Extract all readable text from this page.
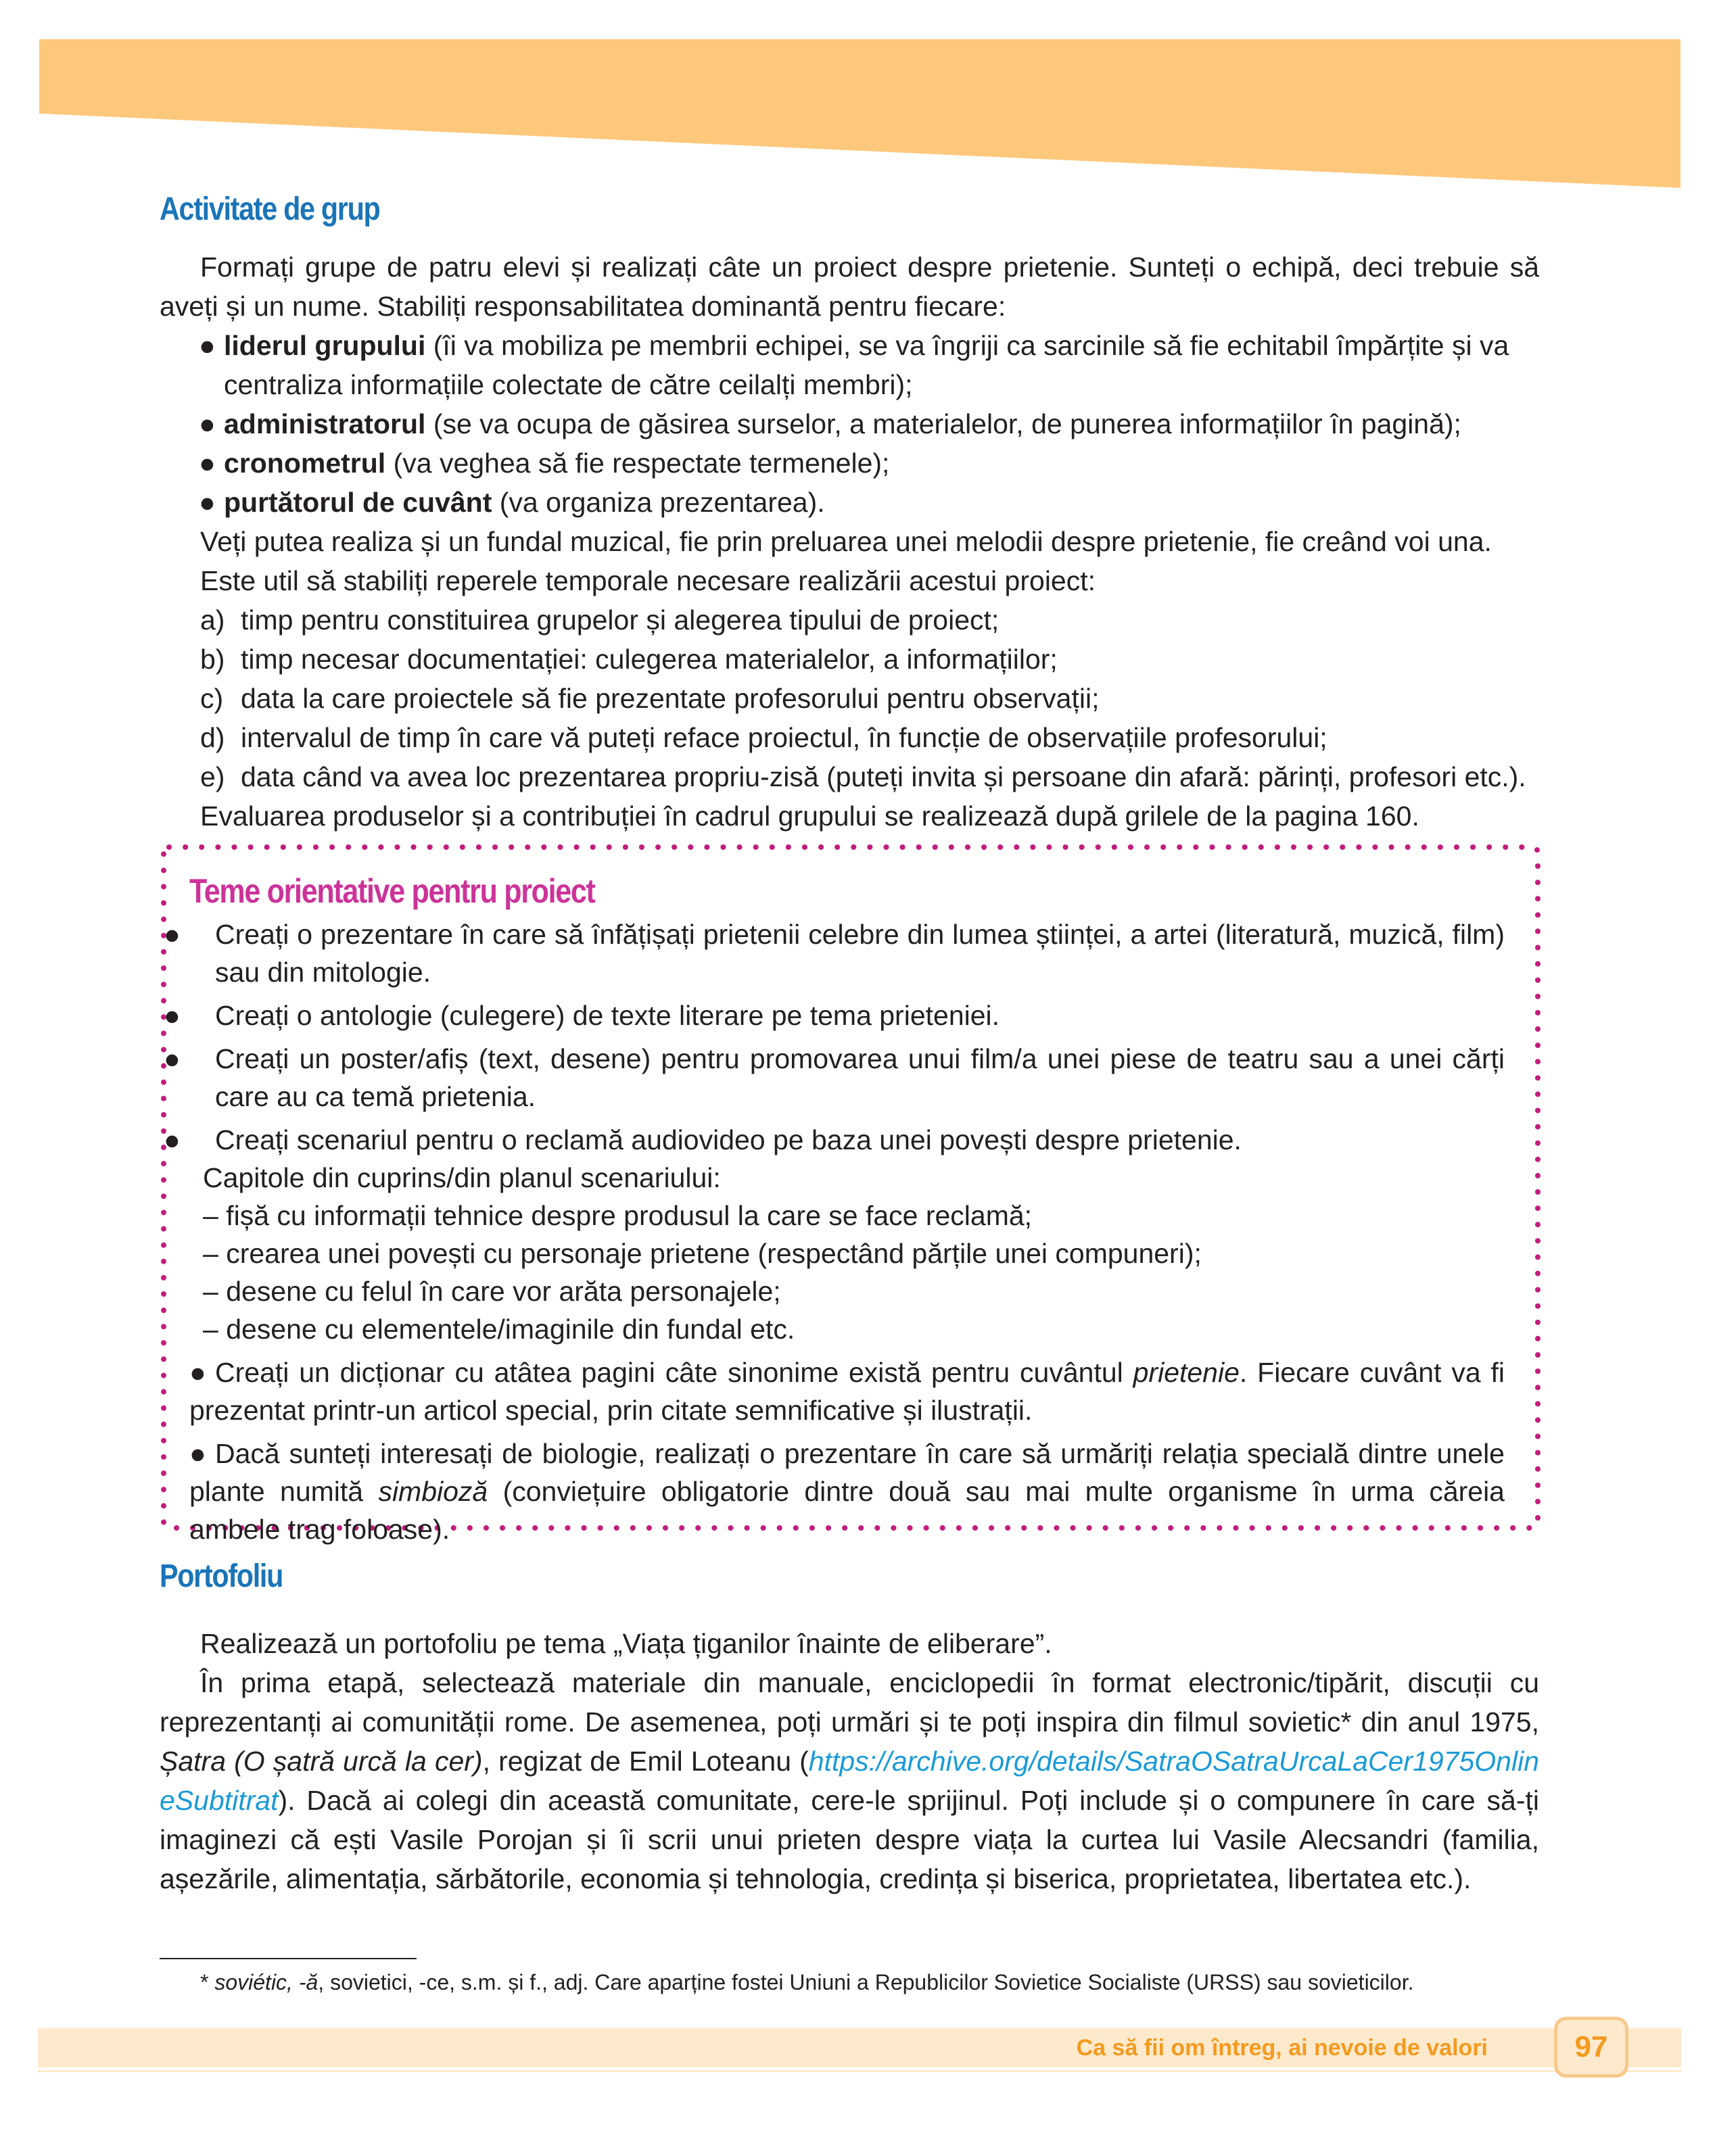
Activitate de grup

Formați grupe de patru elevi și realizați câte un proiect despre prietenie. Sunteți o echipă, deci trebuie să aveți și un nume. Stabiliți responsabilitatea dominantă pentru fiecare:

● liderul grupului (îi va mobiliza pe membrii echipei, se va îngriji ca sarcinile să fie echitabil împărțite și va centraliza informațiile colectate de către ceilalți membri);

● administratorul (se va ocupa de găsirea surselor, a materialelor, de punerea informațiilor în pagină);

● cronometrul (va veghea să fie respectate termenele);

● purtătorul de cuvânt (va organiza prezentarea).

Veți putea realiza și un fundal muzical, fie prin preluarea unei melodii despre prietenie, fie creând voi una.

Este util să stabiliți reperele temporale necesare realizării acestui proiect:

a) timp pentru constituirea grupelor și alegerea tipului de proiect;

b) timp necesar documentației: culegerea materialelor, a informațiilor;

c) data la care proiectele să fie prezentate profesorului pentru observații;

d) intervalul de timp în care vă puteți reface proiectul, în funcție de observațiile profesorului;

e) data când va avea loc prezentarea propriu-zisă (puteți invita și persoane din afară: părinți, profesori etc.).

Evaluarea produselor și a contribuției în cadrul grupului se realizează după grilele de la pagina 160.

Teme orientative pentru proiect

● Creați o prezentare în care să înfățișați prietenii celebre din lumea științei, a artei (literatură, muzică, film) sau din mitologie.

● Creați o antologie (culegere) de texte literare pe tema prieteniei.

● Creați un poster/afiș (text, desene) pentru promovarea unui film/a unei piese de teatru sau a unei cărți care au ca temă prietenia.

● Creați scenariul pentru o reclamă audiovideo pe baza unei povești despre prietenie.

Capitole din cuprins/din planul scenariului:

– fișă cu informații tehnice despre produsul la care se face reclamă;

– crearea unei povești cu personaje prietene (respectând părțile unei compuneri);

– desene cu felul în care vor arăta personajele;

– desene cu elementele/imaginile din fundal etc.

● Creați un dicționar cu atâtea pagini câte sinonime există pentru cuvântul prietenie. Fiecare cuvânt va fi prezentat printr-un articol special, prin citate semnificative și ilustrații.

● Dacă sunteți interesați de biologie, realizați o prezentare în care să urmăriți relația specială dintre unele plante numită simbioză (conviețuire obligatorie dintre două sau mai multe organisme în urma căreia ambele trag foloase).

Portofoliu

Realizează un portofoliu pe tema „Viața țiganilor înainte de eliberare”.

În prima etapă, selectează materiale din manuale, enciclopedii în format electronic/tipărit, discuții cu reprezentanți ai comunității rome. De asemenea, poți urmări și te poți inspira din filmul sovietic* din anul 1975, Șatra (O șatră urcă la cer), regizat de Emil Loteanu (https://archive.org/details/SatraOSatraUrcaLaCer1975OnlineSubtitrat). Dacă ai colegi din această comunitate, cere-le sprijinul. Poți include și o compunere în care să-ți imaginezi că ești Vasile Porojan și îi scrii unui prieten despre viața la curtea lui Vasile Alecsandri (familia, așezările, alimentația, sărbătorile, economia și tehnologia, credința și biserica, proprietatea, libertatea etc.).

* soviétic, -ă, sovietici, -ce, s.m. și f., adj. Care aparține fostei Uniuni a Republicilor Sovietice Socialiste (URSS) sau sovieticilor.
Ca să fii om întreg, ai nevoie de valori	97
